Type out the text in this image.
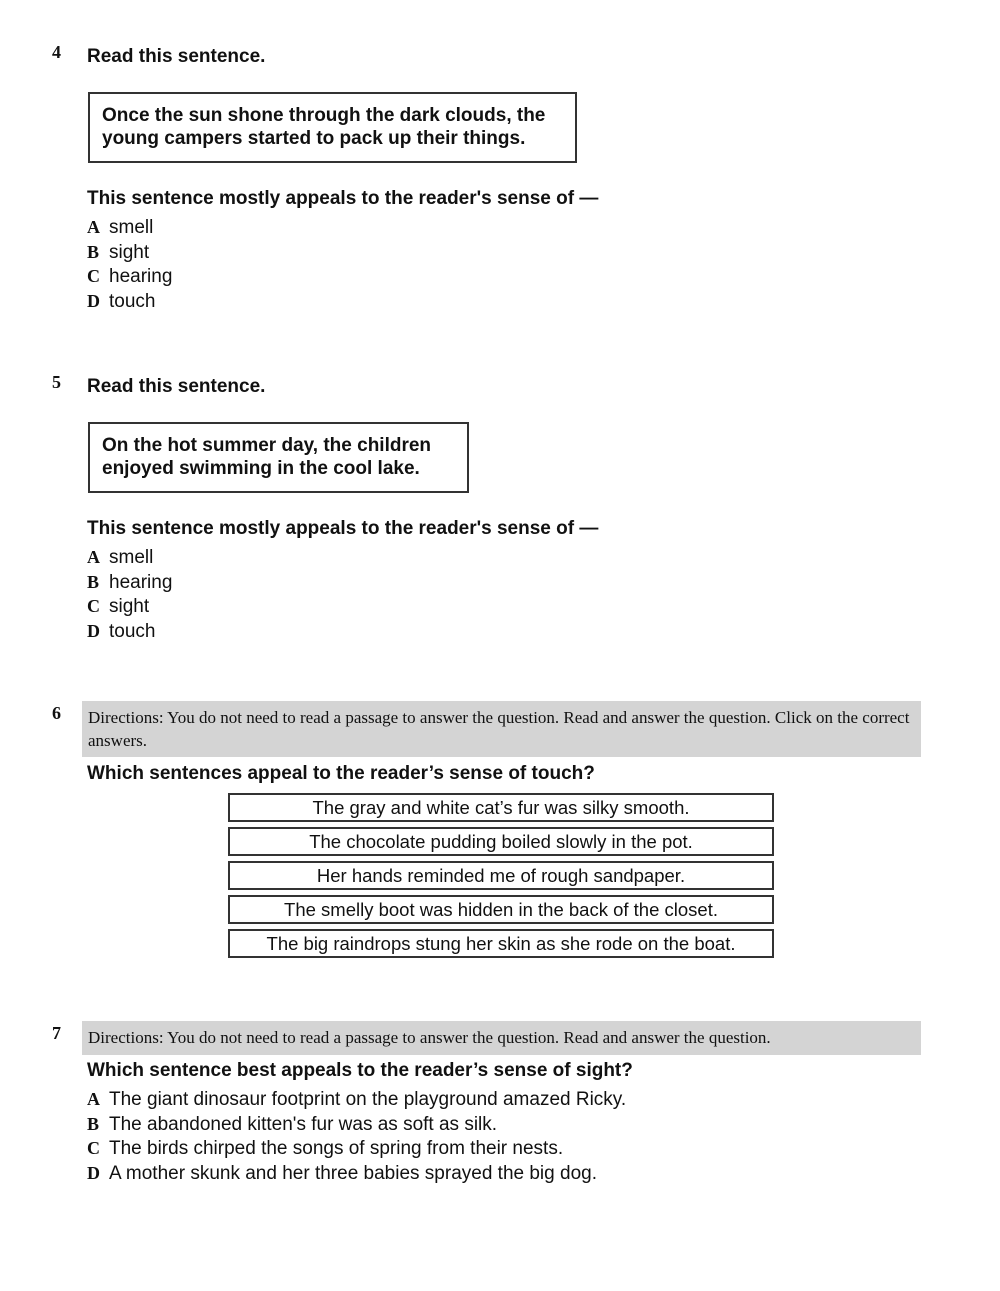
4 Read this sentence.
Once the sun shone through the dark clouds, the
young campers started to pack up their things.
This sentence mostly appeals to the reader's sense of —
A smell
B sight
C hearing
D touch
5 Read this sentence.
On the hot summer day, the children
enjoyed swimming in the cool lake.
This sentence mostly appeals to the reader's sense of —
A smell
B hearing
C sight
D touch
6	Directions: You do not need to read a passage to answer the question. Read and answer the question. Click on the correct answers.
Which sentences appeal to the reader’s sense of touch?
The gray and white cat’s fur was silky smooth.
The chocolate pudding boiled slowly in the pot.
Her hands reminded me of rough sandpaper.
The smelly boot was hidden in the back of the closet.
The big raindrops stung her skin as she rode on the boat.
7	Directions: You do not need to read a passage to answer the question. Read and answer the question.
Which sentence best appeals to the reader’s sense of sight?
A The giant dinosaur footprint on the playground amazed Ricky.
B The abandoned kitten's fur was as soft as silk.
C The birds chirped the songs of spring from their nests.
D A mother skunk and her three babies sprayed the big dog.
